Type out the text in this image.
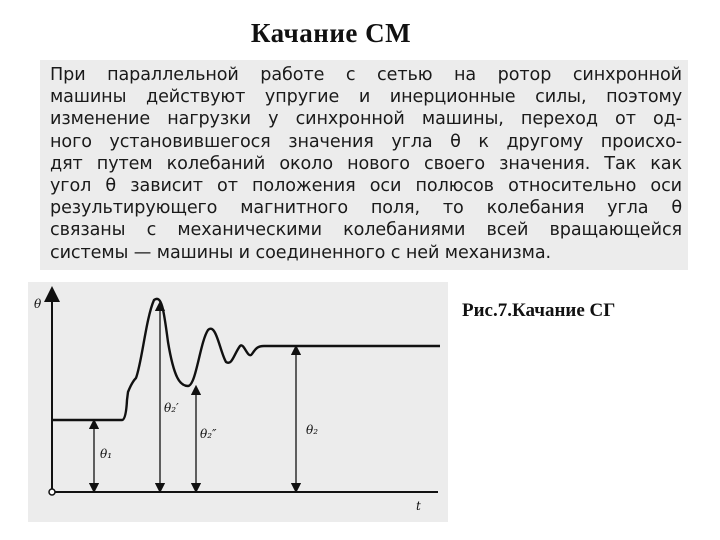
Качание СМ
При параллельной работе с сетью на ротор синхронной
машины действуют упругие и инерционные силы, поэтому
изменение нагрузки у синхронной машины, переход от од-
ного установившегося значения угла θ к другому происхо-
дят путем колебаний около нового своего значения. Так как
угол θ зависит от положения оси полюсов относительно оси
результирующего магнитного поля, то колебания угла θ
связаны с механическими колебаниями всей вращающейся
системы — машины и соединенного с ней механизма.
θ
t
θ₁
θ₂′
θ₂″	θ₂
Рис.7.Качание СГ
